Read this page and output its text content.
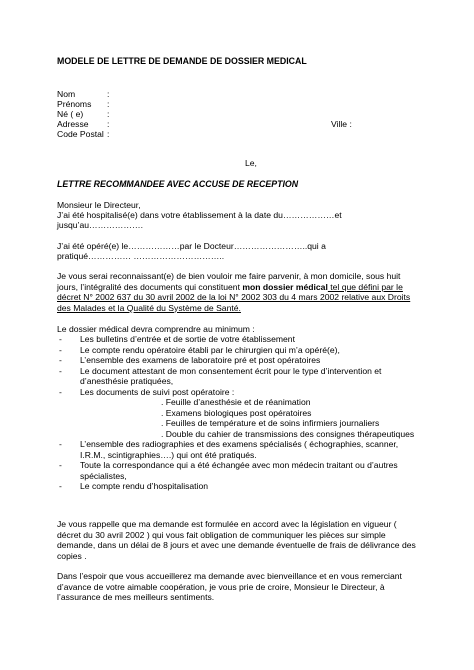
MODELE DE LETTRE DE DEMANDE DE DOSSIER MEDICAL
Nom	:
Prénoms :
Né ( e)	:
Adresse :	Ville :
Code Postal :
Le,
LETTRE RECOMMANDEE AVEC ACCUSE DE RECEPTION
Monsieur le Directeur,
J’ai été hospitalisé(e) dans votre établissement à la date du………………et
jusqu’au……………….
J’ai été opéré(e) le………………par le Docteur……………………..qui a
pratiqué…………… …………………………..
Je vous serai reconnaissant(e) de bien vouloir me faire parvenir, à mon domicile, sous huit jours, l’intégralité des documents qui constituent mon dossier médical tel que défini par le décret N° 2002 637 du 30 avril 2002 de la loi N° 2002 303 du 4 mars 2002 relative aux Droits des Malades et la Qualité du Système de Santé.
Le dossier médical devra comprendre au minimum :
- Les bulletins d’entrée et de sortie de votre établissement
- Le compte rendu opératoire établi par le chirurgien qui m’a opéré(e),
- L’ensemble des examens de laboratoire pré et post opératoires
- Le document attestant de mon consentement écrit pour le type d’intervention et d’anesthésie pratiquées,
- Les documents de suivi post opératoire :
. Feuille d’anesthésie et de réanimation
. Examens biologiques post opératoires
. Feuilles de température et de soins infirmiers journaliers
. Double du cahier de transmissions des consignes thérapeutiques
- L’ensemble des radiographies et des examens spécialisés ( échographies, scanner, I.R.M., scintigraphies….) qui ont été pratiqués.
- Toute la correspondance qui a été échangée avec mon médecin traitant ou d’autres spécialistes,
- Le compte rendu d’hospitalisation
Je vous rappelle que ma demande est formulée en accord avec la législation en vigueur ( décret du 30 avril 2002 ) qui vous fait obligation de communiquer les pièces sur simple demande, dans un délai de 8 jours et avec une demande éventuelle de frais de délivrance des copies .
Dans l’espoir que vous accueillerez ma demande avec bienveillance et en vous remerciant d’avance de votre aimable coopération, je vous prie de croire, Monsieur le Directeur, à l’assurance de mes meilleurs sentiments.
